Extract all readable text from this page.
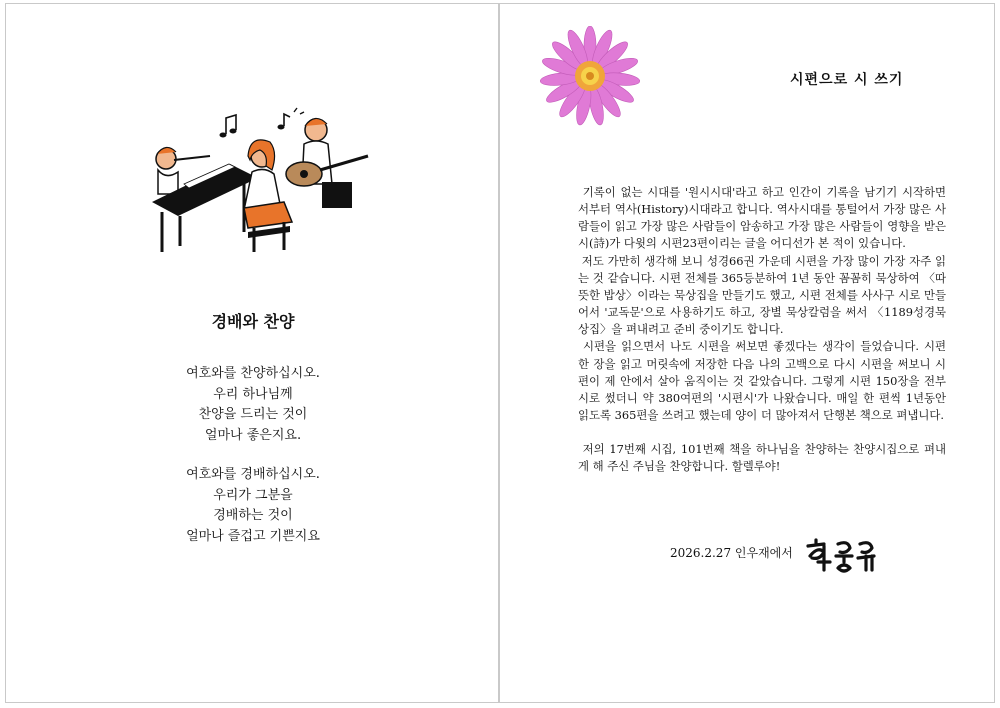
경배와 찬양
여호와를 찬양하십시오.
우리 하나님께
찬양을 드리는 것이
얼마나 좋은지요.
여호와를 경배하십시오.
우리가 그분을
경배하는 것이
얼마나 즐겁고 기쁜지요
시편으로 시 쓰기

기록이 없는 시대를 '원시시대'라고 하고 인간이 기록을 남기기 시작하면서부터 역사(History)시대라고 합니다. 역사시대를 통털어서 가장 많은 사람들이 읽고 가장 많은 사람들이 암송하고 가장 많은 사람들이 영향을 받은 시(詩)가 다윗의 시편23편이리는 글을 어디선가 본 적이 있습니다.

저도 가만히 생각해 보니 성경66권 가운데 시편을 가장 많이 가장 자주 읽는 것 같습니다. 시편 전체를 365등분하여 1년 동안 꼼꼼히 묵상하여 〈따뜻한 밥상〉이라는 묵상집을 만들기도 했고, 시편 전체를 사사구 시로 만들어서 '교독문'으로 사용하기도 하고, 장별 묵상칼럼을 써서 〈1189성경묵상집〉을 펴내려고 준비 중이기도 합니다.

시편을 읽으면서 나도 시편을 써보면 좋겠다는 생각이 들었습니다. 시편 한 장을 읽고 머릿속에 저장한 다음 나의 고백으로 다시 시편을 써보니 시편이 제 안에서 살아 움직이는 것 같았습니다. 그렇게 시편 150장을 전부 시로 썼더니 약 380여편의 '시편시'가 나왔습니다. 매일 한 편씩 1년동안 읽도록 365편을 쓰려고 했는데 양이 더 많아져서 단행본 책으로 펴냅니다.

저의 17번째 시집, 101번째 책을 하나님을 찬양하는 찬양시집으로 펴내게 해 주신 주님을 찬양합니다. 할렐루야!

2026.2.27 인우재에서
